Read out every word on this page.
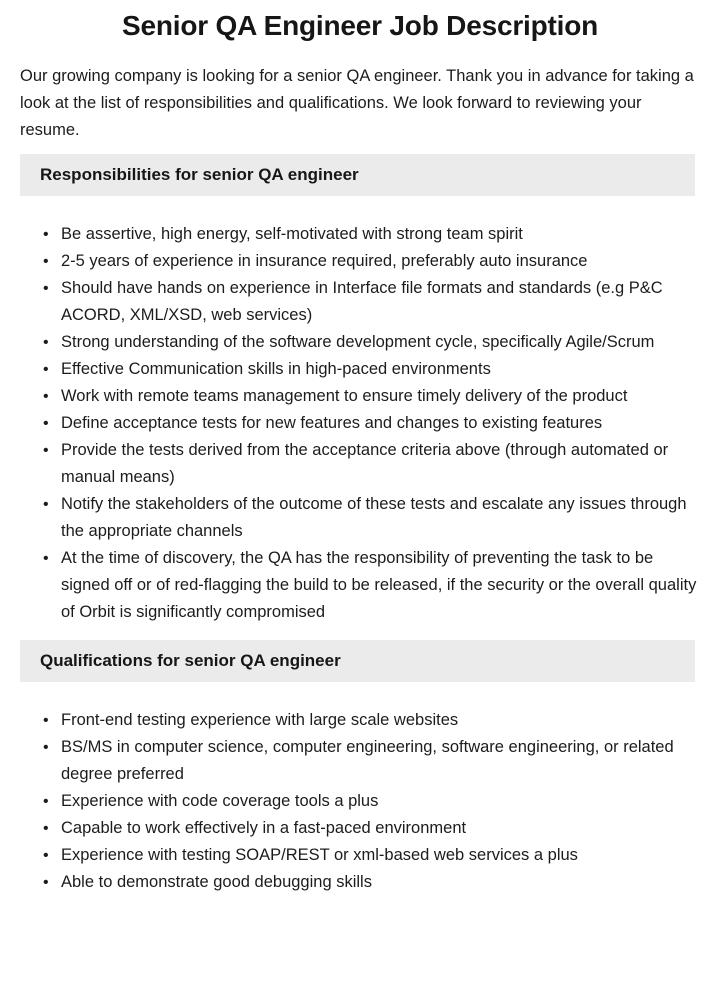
Senior QA Engineer Job Description

Our growing company is looking for a senior QA engineer. Thank you in advance for taking a look at the list of responsibilities and qualifications. We look forward to reviewing your resume.

Responsibilities for senior QA engineer
• Be assertive, high energy, self-motivated with strong team spirit
• 2-5 years of experience in insurance required, preferably auto insurance
• Should have hands on experience in Interface file formats and standards (e.g P&C ACORD, XML/XSD, web services)
• Strong understanding of the software development cycle, specifically Agile/Scrum
• Effective Communication skills in high-paced environments
• Work with remote teams management to ensure timely delivery of the product
• Define acceptance tests for new features and changes to existing features
• Provide the tests derived from the acceptance criteria above (through automated or manual means)
• Notify the stakeholders of the outcome of these tests and escalate any issues through the appropriate channels
• At the time of discovery, the QA has the responsibility of preventing the task to be signed off or of red-flagging the build to be released, if the security or the overall quality of Orbit is significantly compromised
Qualifications for senior QA engineer
• Front-end testing experience with large scale websites
• BS/MS in computer science, computer engineering, software engineering, or related degree preferred
• Experience with code coverage tools a plus
• Capable to work effectively in a fast-paced environment
• Experience with testing SOAP/REST or xml-based web services a plus
• Able to demonstrate good debugging skills
